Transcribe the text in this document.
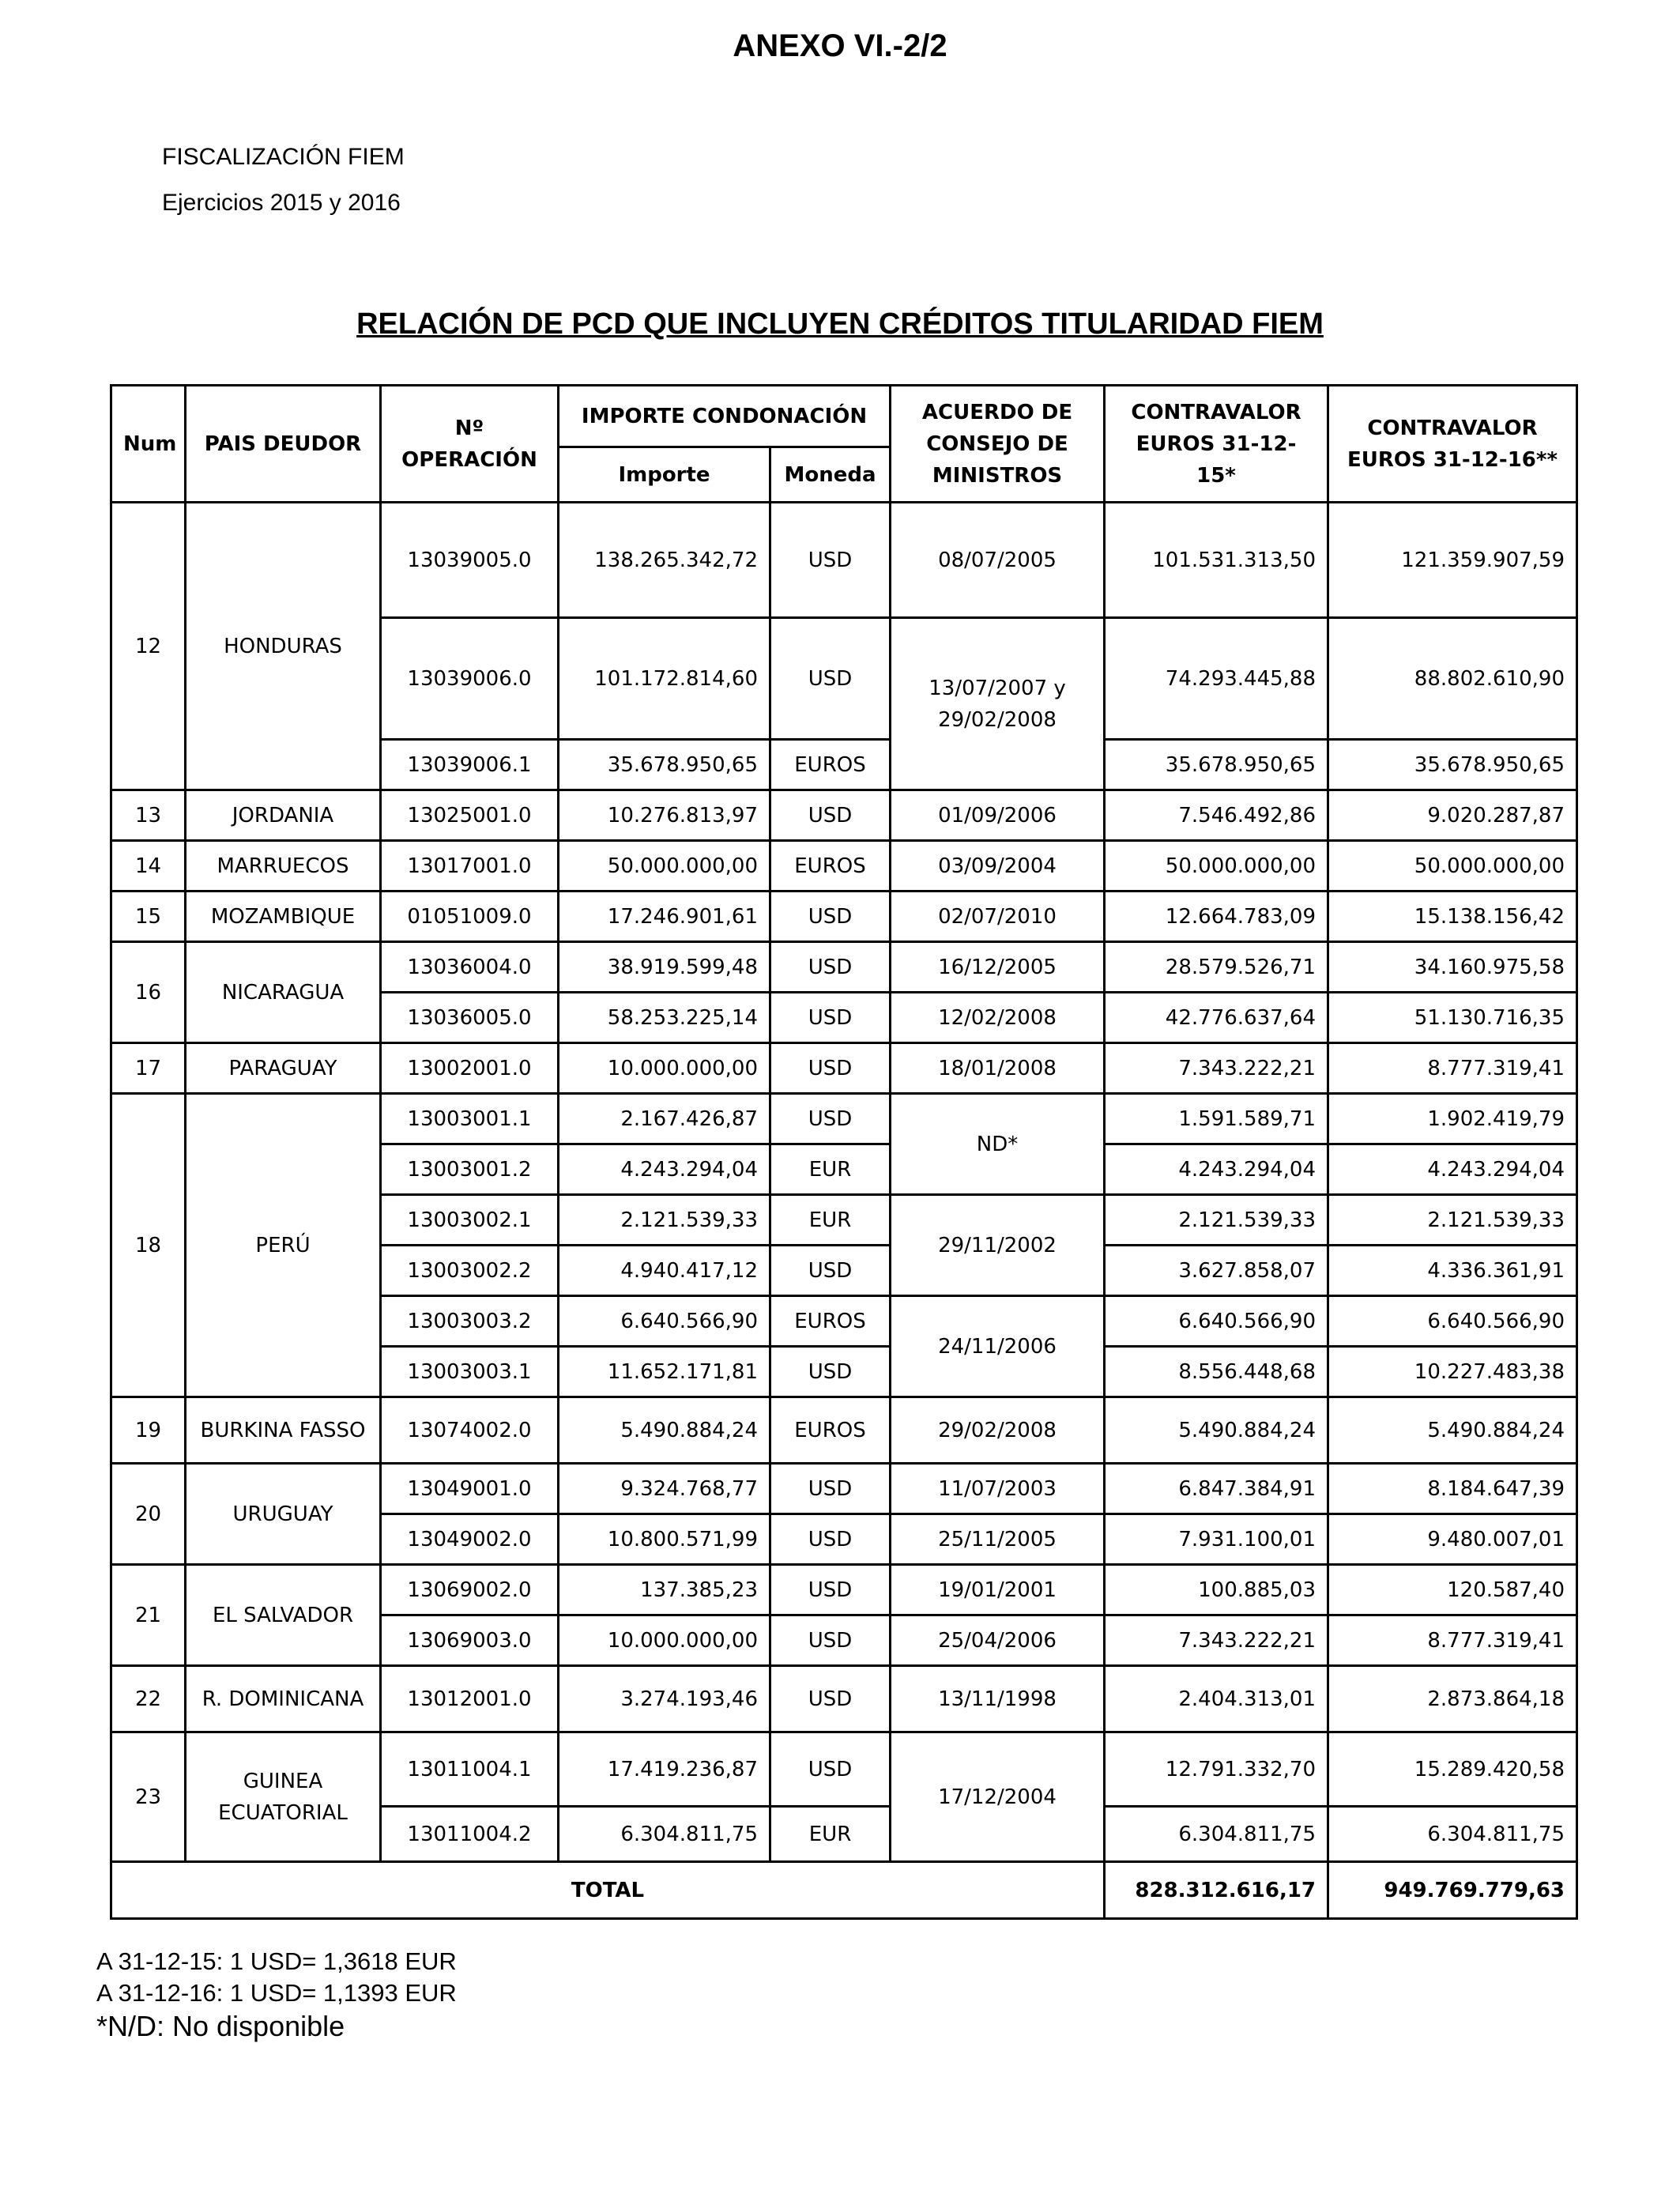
ANEXO VI.-2/2
FISCALIZACIÓN FIEM
Ejercicios 2015 y 2016
RELACIÓN DE PCD QUE INCLUYEN CRÉDITOS TITULARIDAD FIEM
Num	PAIS DEUDOR	Nº OPERACIÓN	IMPORTE CONDONACIÓN		ACUERDO DE CONSEJO DE MINISTROS	CONTRAVALOR EUROS 31-12-15*	CONTRAVALOR EUROS 31-12-16**
			Importe	Moneda			
12	HONDURAS	13039005.0	138.265.342,72	USD	08/07/2005	101.531.313,50	121.359.907,59
		13039006.0	101.172.814,60	USD	13/07/2007 y 29/02/2008	74.293.445,88	88.802.610,90
		13039006.1	35.678.950,65	EUROS		35.678.950,65	35.678.950,65
13	JORDANIA	13025001.0	10.276.813,97	USD	01/09/2006	7.546.492,86	9.020.287,87
14	MARRUECOS	13017001.0	50.000.000,00	EUROS	03/09/2004	50.000.000,00	50.000.000,00
15	MOZAMBIQUE	01051009.0	17.246.901,61	USD	02/07/2010	12.664.783,09	15.138.156,42
16	NICARAGUA	13036004.0	38.919.599,48	USD	16/12/2005	28.579.526,71	34.160.975,58
		13036005.0	58.253.225,14	USD	12/02/2008	42.776.637,64	51.130.716,35
17	PARAGUAY	13002001.0	10.000.000,00	USD	18/01/2008	7.343.222,21	8.777.319,41
18	PERÚ	13003001.1	2.167.426,87	USD	ND*	1.591.589,71	1.902.419,79
		13003001.2	4.243.294,04	EUR		4.243.294,04	4.243.294,04
		13003002.1	2.121.539,33	EUR	29/11/2002	2.121.539,33	2.121.539,33
		13003002.2	4.940.417,12	USD		3.627.858,07	4.336.361,91
		13003003.2	6.640.566,90	EUROS	24/11/2006	6.640.566,90	6.640.566,90
		13003003.1	11.652.171,81	USD		8.556.448,68	10.227.483,38
19	BURKINA FASSO	13074002.0	5.490.884,24	EUROS	29/02/2008	5.490.884,24	5.490.884,24
20	URUGUAY	13049001.0	9.324.768,77	USD	11/07/2003	6.847.384,91	8.184.647,39
		13049002.0	10.800.571,99	USD	25/11/2005	7.931.100,01	9.480.007,01
21	EL SALVADOR	13069002.0	137.385,23	USD	19/01/2001	100.885,03	120.587,40
		13069003.0	10.000.000,00	USD	25/04/2006	7.343.222,21	8.777.319,41
22	R. DOMINICANA	13012001.0	3.274.193,46	USD	13/11/1998	2.404.313,01	2.873.864,18
23	GUINEA ECUATORIAL	13011004.1	17.419.236,87	USD	17/12/2004	12.791.332,70	15.289.420,58
		13011004.2	6.304.811,75	EUR		6.304.811,75	6.304.811,75
TOTAL						828.312.616,17	949.769.779,63
A 31-12-15: 1 USD= 1,3618 EUR
A 31-12-16: 1 USD= 1,1393 EUR
*N/D: No disponible
